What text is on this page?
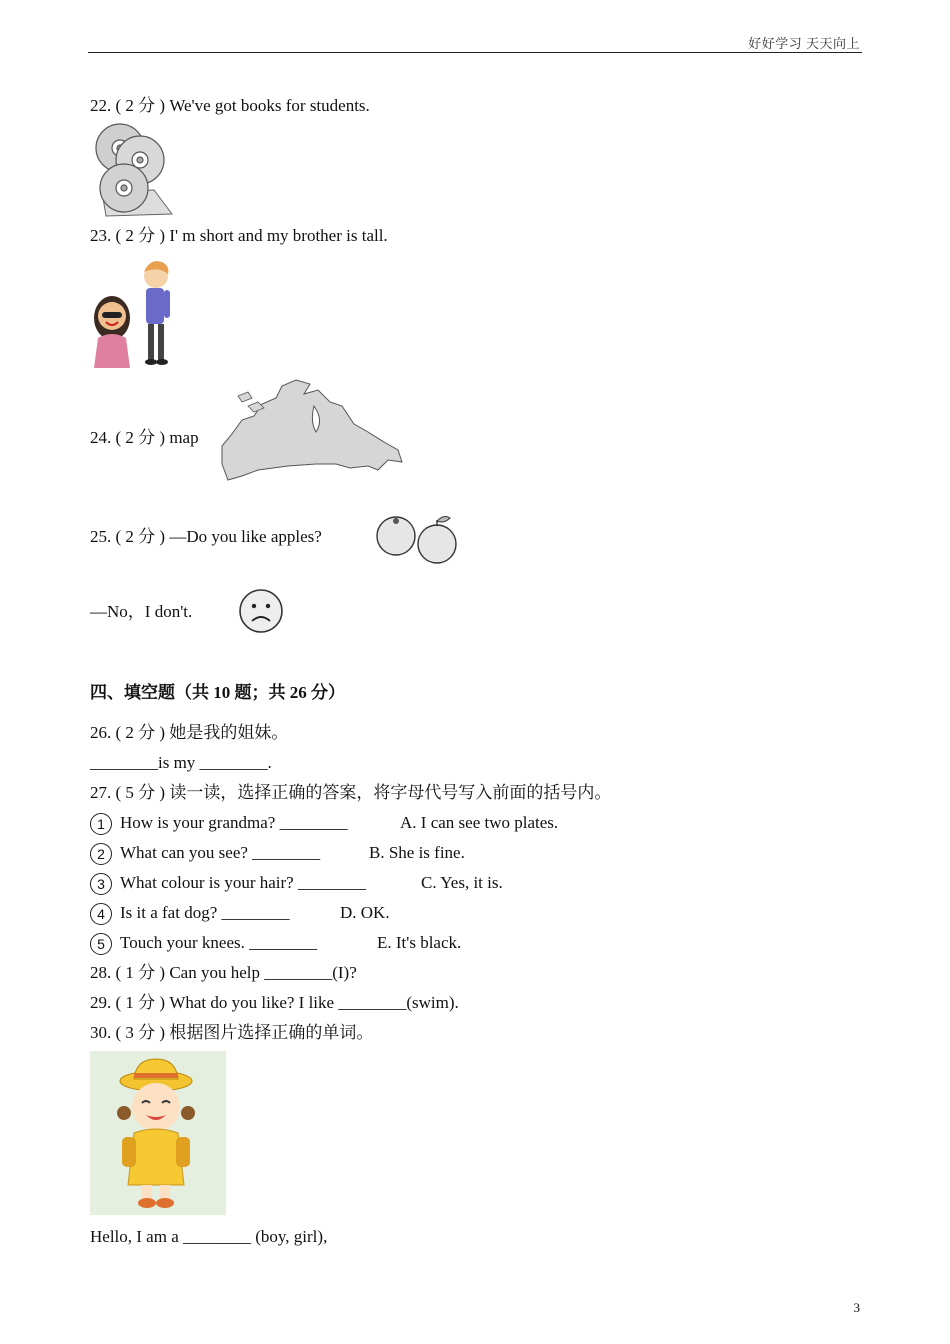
好好学习 天天向上
22. ( 2 分 ) We've got books for students.
23. ( 2 分 ) I' m short and my brother is tall.
24. ( 2 分 ) map
25. ( 2 分 ) —Do you like apples?
—No，I don't.
四、填空题（共 10 题；共 26 分）
26. ( 2 分 ) 她是我的姐妹。
________is my ________.
27. ( 5 分 ) 读一读，选择正确的答案，将字母代号写入前面的括号内。
1 How is your grandma? ________	A. I can see two plates.
2 What can you see? ________	B. She is fine.
3 What colour is your hair? ________	C. Yes, it is.
4 Is it a fat dog? ________	D. OK.
5 Touch your knees. ________	E. It's black.
28. ( 1 分 ) Can you help ________(I)?
29. ( 1 分 ) What do you like? I like ________(swim).
30. ( 3 分 ) 根据图片选择正确的单词。
Hello, I am a ________ (boy, girl),
3
